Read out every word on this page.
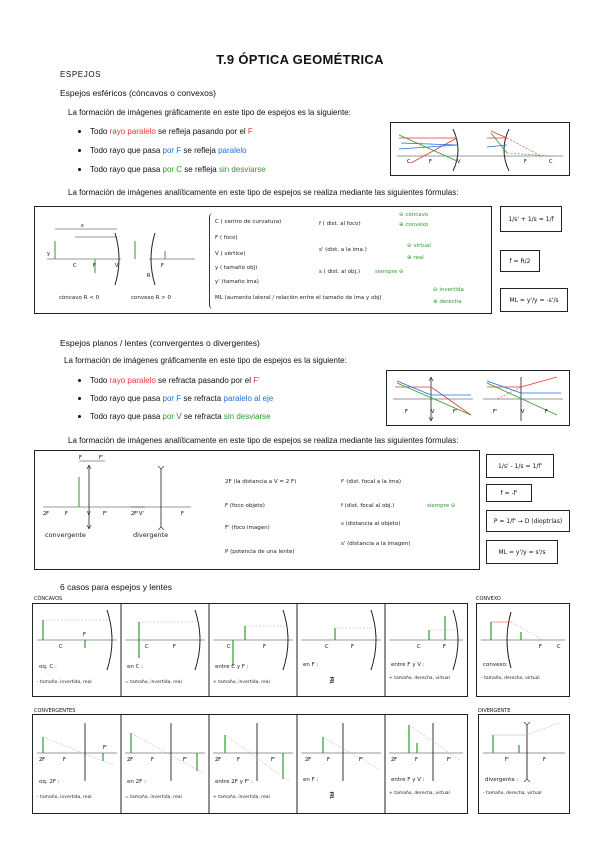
T.9 ÓPTICA GEOMÉTRICA
ESPEJOS
Espejos esféricos (cóncavos o convexos)
La formación de imágenes gráficamente en este tipo de espejos es la siguiente:
Todo rayo paralelo se refleja pasando por el F
Todo rayo que pasa por F se refleja paralelo
Todo rayo que pasa por C se refleja sin desviarse
C	F	V	F	C
La formación de imágenes analíticamente en este tipo de espejos se realiza mediante las siguientes fórmulas:
y
C	F	V
s
F
R
cóncavo R < 0	convexo R > 0
C ( centro de curvatura)
F ( foco)
V ( vértice)
y ( tamaño obj)
y' (tamaño ima)
ML (aumento lateral / relación entre el tamaño de ima y obj)
f ( dist. al foco)
s' (dist. a la ima.)
s ( dist. al obj.)
⊖ cóncavo
⊕ convexo
⊖ virtual
⊕ real
siempre ⊖
⊖ invertida
⊕ derecha
1/s' + 1/s = 1/f
f = R/2
ML = y'/y = -s'/s
Espejos planos / lentes (convergentes o divergentes)
La formación de imágenes gráficamente en este tipo de espejos es la siguiente:
Todo rayo paralelo se refracta pasando por el F'
Todo rayo que pasa por F se refracta paralelo al eje
Todo rayo que pasa por V se refracta sin desviarse	F	V	F'	F'	V	F
La formación de imágenes analíticamente en este tipo de espejos se realiza mediante las siguientes fórmulas:
2F	F	V	F'	2F'
F	F'
V'	F
convergente	divergente
2F (la distancia a V = 2 F)
F (foco objeto)
F' (foco imagen)
P (potencia de una lente)
f' (dist. focal a la ima)
f (dist. focal al obj.)
s (distancia al objeto)
s' (distancia a la imagen)
siempre ⊖
1/s' - 1/s = 1/f'
f = -f'
P = 1/f' → D (dioptrías)
ML = y'/y = s'/s
6 casos para espejos y lentes
CÓNCAVOS	CONVEXO
C
F
C	F	C	F	C	F	C	F
oq. C :
- tamaño, invertida, real
en C :
= tamaño, invertida, real
entre C y F :
+ tamaño, invertida, real
en F :
∄
entre F y V :
+ tamaño, derecha, virtual
F	C
convexo:
- tamaño, derecho, virtual
CONVERGENTES	DIVERGENTE
2F	F
F'
2F	F	F'	2F	F	F'	2F	F	F'	2F	F	F'
oq. 2F :
- tamaño, invertida, real
en 2F :
= tamaño, invertida, real
entre 2F y F' :
+ tamaño, invertida, real
en F :
∄
entre F y V :
+ tamaño, derecha, virtual
F'	F
divergente :
- tamaño, derecha, virtual
